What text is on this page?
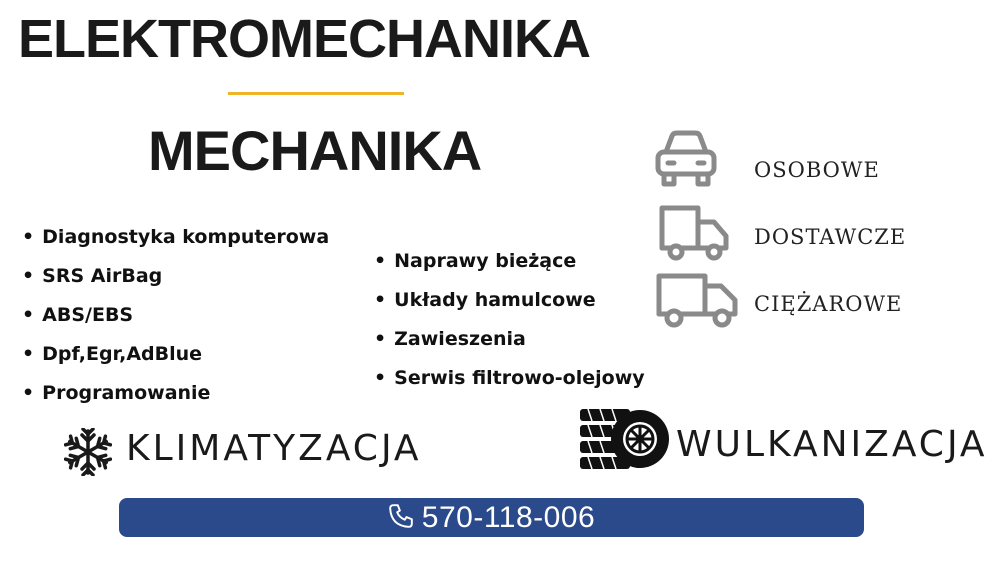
ELEKTROMECHANIKA
MECHANIKA
• Diagnostyka komputerowa
• SRS AirBag
• ABS/EBS
• Dpf,Egr,AdBlue
• Programowanie
• Naprawy bieżące
• Układy hamulcowe
• Zawieszenia
• Serwis filtrowo-olejowy
OSOBOWE
DOSTAWCZE
CIĘŻAROWE
KLIMATYZACJA	WULKANIZACJA
570-118-006
